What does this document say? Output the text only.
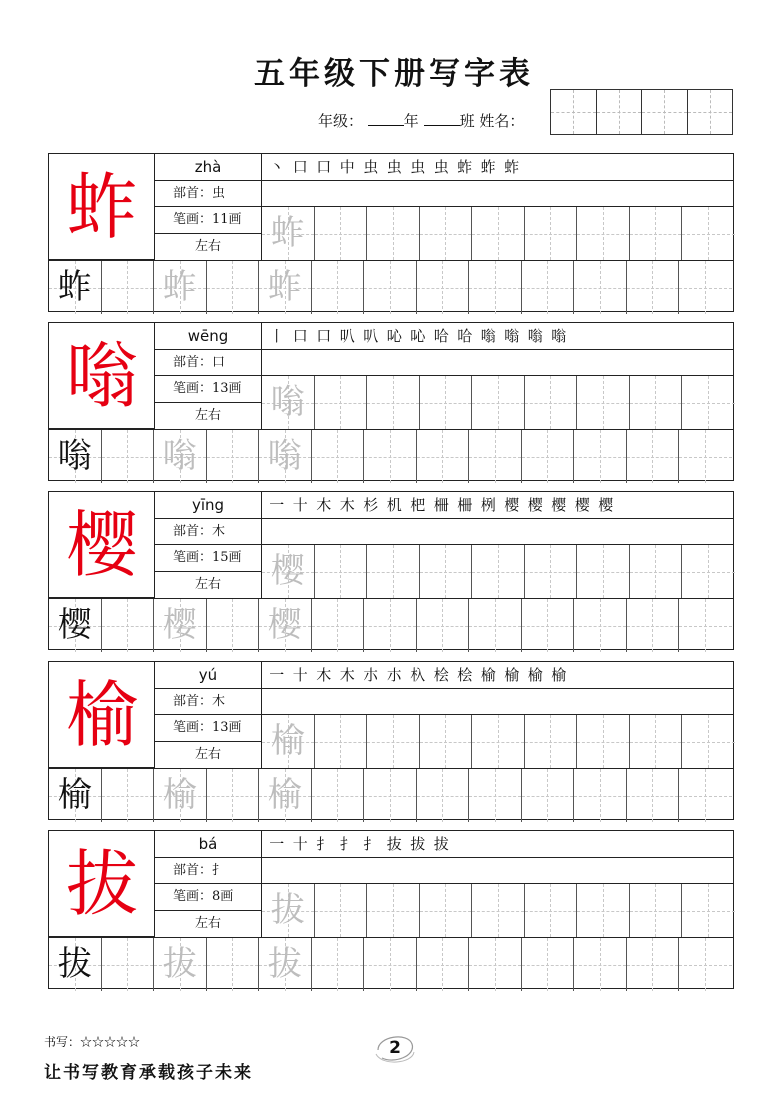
五年级下册写字表
年级：	年	班 姓名：
蚱	zhà
部首：虫
笔画：11画
左右
丶 口 口 中 虫 虫 虫 虫 蚱 蚱 蚱
蚱
蚱 蚱 蚱
嗡	wēng
部首：口
笔画：13画
左右
丨 口 口 叭 叭 吣 吣 哈 哈 嗡 嗡 嗡 嗡
嗡
嗡 嗡 嗡
樱	yīng
部首：木
笔画：15画
左右
一 十 木 木 杉 机 杷 柵 柵 栵 樱 樱 樱 樱 樱
樱
樱 樱 樱
榆	yú
部首：木
笔画：13画
左右
一 十 木 木 朩 朩 杁 桧 桧 榆 榆 榆 榆
榆
榆 榆 榆
拔	bá
部首：扌
笔画：8画
左右
一 十 扌 扌 扌 抜 拔 拔
拔
拔 拔 拔
书写：☆☆☆☆☆	2
让书写教育承载孩子未来
